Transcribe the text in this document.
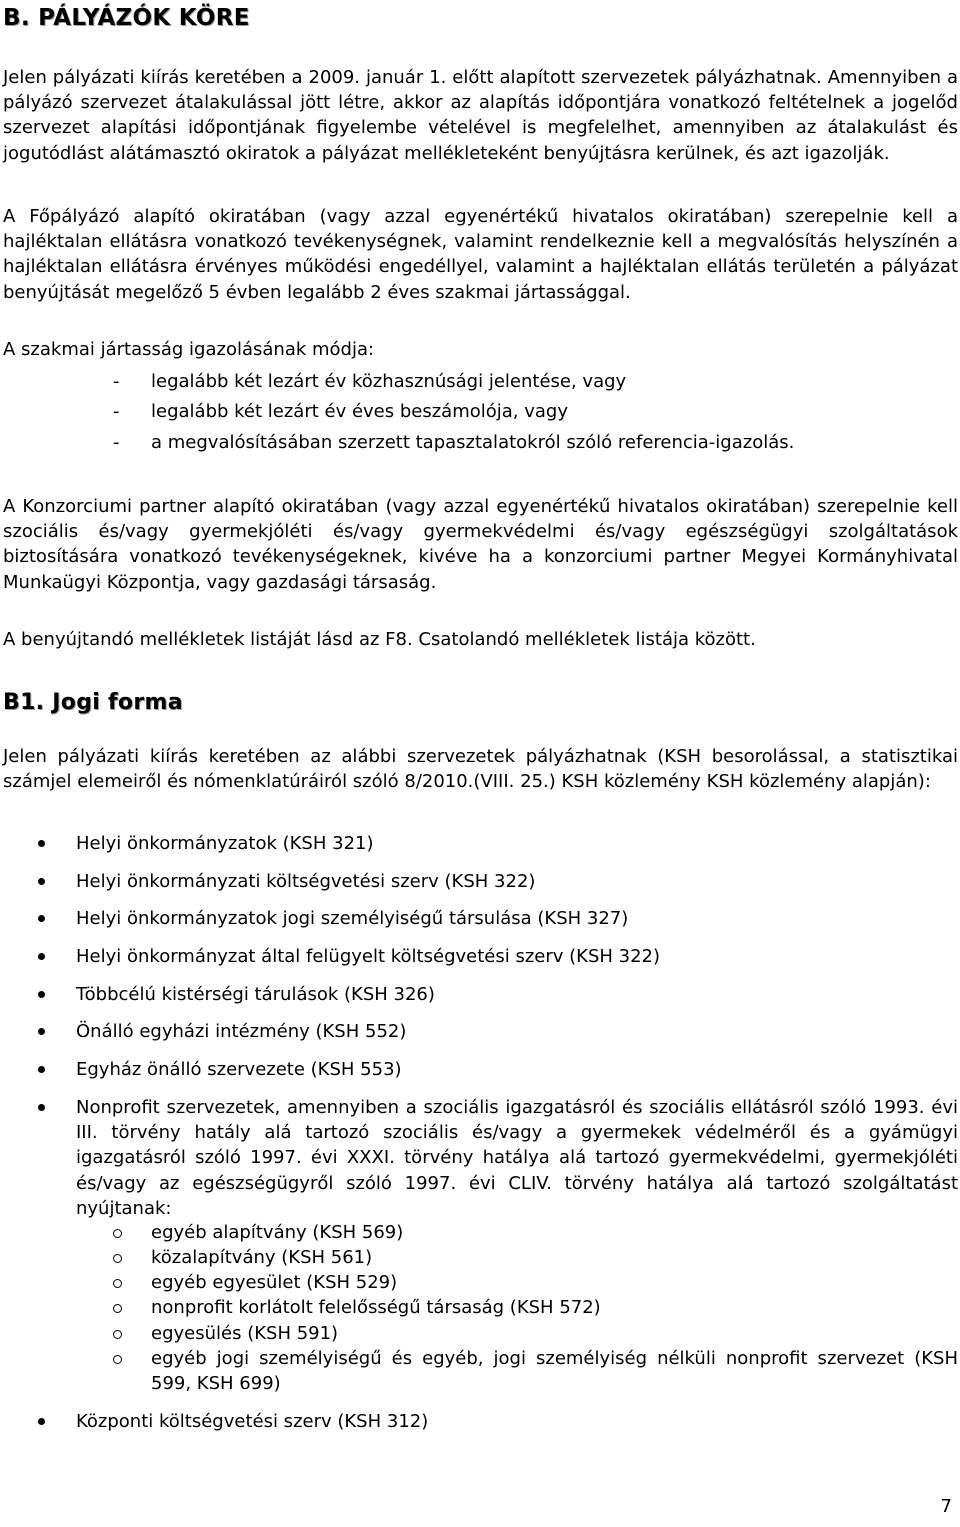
B. PÁLYÁZÓK KÖRE
Jelen pályázati kiírás keretében a 2009. január 1. előtt alapított szervezetek pályázhatnak. Amennyiben a pályázó szervezet átalakulással jött létre, akkor az alapítás időpontjára vonatkozó feltételnek a jogelőd szervezet alapítási időpontjának figyelembe vételével is megfelelhet, amennyiben az átalakulást és jogutódlást alátámasztó okiratok a pályázat mellékleteként benyújtásra kerülnek, és azt igazolják.
A Főpályázó alapító okiratában (vagy azzal egyenértékű hivatalos okiratában) szerepelnie kell a hajléktalan ellátásra vonatkozó tevékenységnek, valamint rendelkeznie kell a megvalósítás helyszínén a hajléktalan ellátásra érvényes működési engedéllyel, valamint a hajléktalan ellátás területén a pályázat benyújtását megelőző 5 évben legalább 2 éves szakmai jártassággal.
A szakmai jártasság igazolásának módja:
- legalább két lezárt év közhasznúsági jelentése, vagy
- legalább két lezárt év éves beszámolója, vagy
- a megvalósításában szerzett tapasztalatokról szóló referencia-igazolás.
A Konzorciumi partner alapító okiratában (vagy azzal egyenértékű hivatalos okiratában) szerepelnie kell szociális és/vagy gyermekjóléti és/vagy gyermekvédelmi és/vagy egészségügyi szolgáltatások biztosítására vonatkozó tevékenységeknek, kivéve ha a konzorciumi partner Megyei Kormányhivatal Munkaügyi Központja, vagy gazdasági társaság.
A benyújtandó mellékletek listáját lásd az F8. Csatolandó mellékletek listája között.
B1. Jogi forma
Jelen pályázati kiírás keretében az alábbi szervezetek pályázhatnak (KSH besorolással, a statisztikai számjel elemeiről és nómenklatúráiról szóló 8/2010.(VIII. 25.) KSH közlemény KSH közlemény alapján):
Helyi önkormányzatok (KSH 321)
Helyi önkormányzati költségvetési szerv (KSH 322)
Helyi önkormányzatok jogi személyiségű társulása (KSH 327)
Helyi önkormányzat által felügyelt költségvetési szerv (KSH 322)
Többcélú kistérségi tárulások (KSH 326)
Önálló egyházi intézmény (KSH 552)
Egyház önálló szervezete (KSH 553)
Nonprofit szervezetek, amennyiben a szociális igazgatásról és szociális ellátásról szóló 1993. évi III. törvény hatály alá tartozó szociális és/vagy a gyermekek védelméről és a gyámügyi igazgatásról szóló 1997. évi XXXI. törvény hatálya alá tartozó gyermekvédelmi, gyermekjóléti és/vagy az egészségügyről szóló 1997. évi CLIV. törvény hatálya alá tartozó szolgáltatást nyújtanak:
egyéb alapítvány (KSH 569)
közalapítvány (KSH 561)
egyéb egyesület (KSH 529)
nonprofit korlátolt felelősségű társaság (KSH 572)
egyesülés (KSH 591)
egyéb jogi személyiségű és egyéb, jogi személyiség nélküli nonprofit szervezet (KSH 599, KSH 699)
Központi költségvetési szerv (KSH 312)
7
